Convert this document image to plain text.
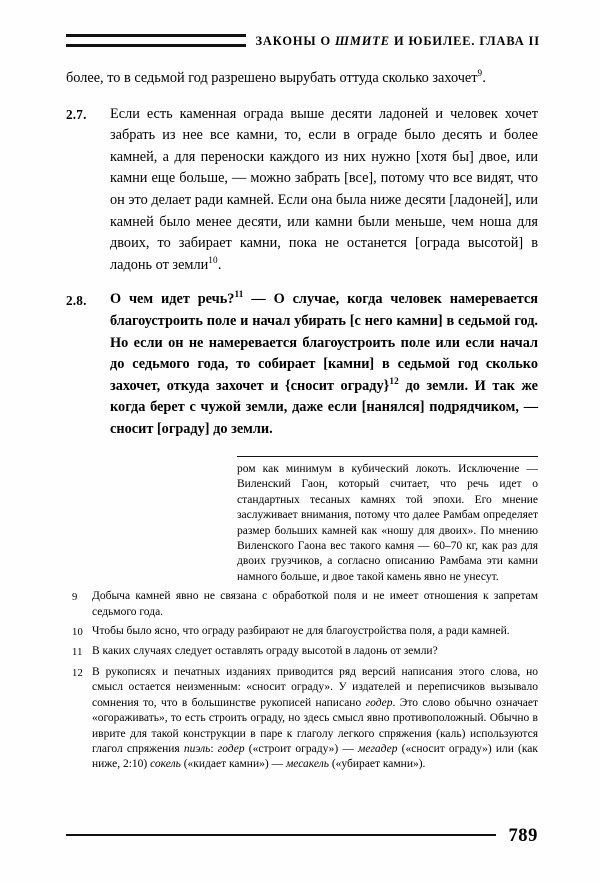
ЗАКОНЫ О ШМИТЕ И ЮБИЛЕЕ. ГЛАВА II

более, то в седьмой год разрешено вырубать оттуда сколько захочет$^9$.

2.7.	Если есть каменная ограда выше десяти ладоней и человек хочет забрать из нее все камни, то, если в ограде было десять и более камней, а для переноски каждого из них нужно [хотя бы] двое, или камни еще больше, — можно забрать [все], потому что все видят, что он это делает ради камней. Если она была ниже десяти [ладоней], или камней было менее десяти, или камни были меньше, чем ноша для двоих, то забирает камни, пока не останется [ограда высотой] в ладонь от земли$^{10}$.
2.8.	О чем идет речь?$^{11}$ — О случае, когда человек намеревается благоустроить поле и начал убирать [с него камни] в седьмой год. Но если он не намеревается благоустроить поле или если начал до седьмого года, то собирает [камни] в седьмой год сколько захочет, откуда захочет и {сносит ограду}$^{12}$ до земли. И так же когда берет с чужой земли, даже если [нанялся] подрядчиком, — сносит [ограду] до земли.

ром как минимум в кубический локоть. Исключение — Виленский Гаон, который считает, что речь идет о стандартных тесаных камнях той эпохи. Его мнение заслуживает внимания, потому что далее Рамбам определяет размер больших камней как «ношу для двоих». По мнению Виленского Гаона вес такого камня — 60–70 кг, как раз для двоих грузчиков, а согласно описанию Рамбама эти камни намного больше, и двое такой камень явно не унесут.

9	Добыча камней явно не связана с обработкой поля и не имеет отношения к запретам седьмого года.
10 Чтобы было ясно, что ограду разбирают не для благоустройства поля, а ради камней.
11 В каких случаях следует оставлять ограду высотой в ладонь от земли?
12 В рукописях и печатных изданиях приводится ряд версий написания этого слова, но смысл остается неизменным: «сносит ограду». У издателей и переписчиков вызывало сомнения то, что в большинстве рукописей написано годер. Это слово обычно означает «огораживать», то есть строить ограду, но здесь смысл явно противоположный. Обычно в иврите для такой конструкции в паре к глаголу легкого спряжения (каль) используются глагол спряжения пиэль: годер («строит ограду») — мегадер («сносит ограду») или (как ниже, 2:10) сокель («кидает камни») — месакель («убирает камни»).
789
